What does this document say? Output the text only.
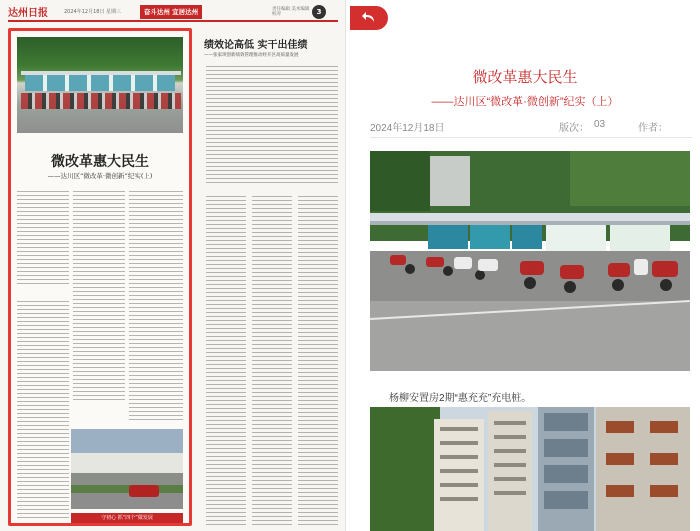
达州日报	2024年12月18日 星期三	奋斗达州 宜居达州	责任编辑 美术编辑 校对	3
微改革惠大民生
——达川区“微改革·微创新”纪实(上)
守初心 抓“四个”做发展
绩效论高低 实干出佳绩
——张家坝创新绩效管理推动经开区高质量发展
微改革惠大民生
——达川区“微改革·微创新”纪实（上）
2024年12月18日	版次： 03	作者：
杨柳安置房2期“惠充充”充电桩。
